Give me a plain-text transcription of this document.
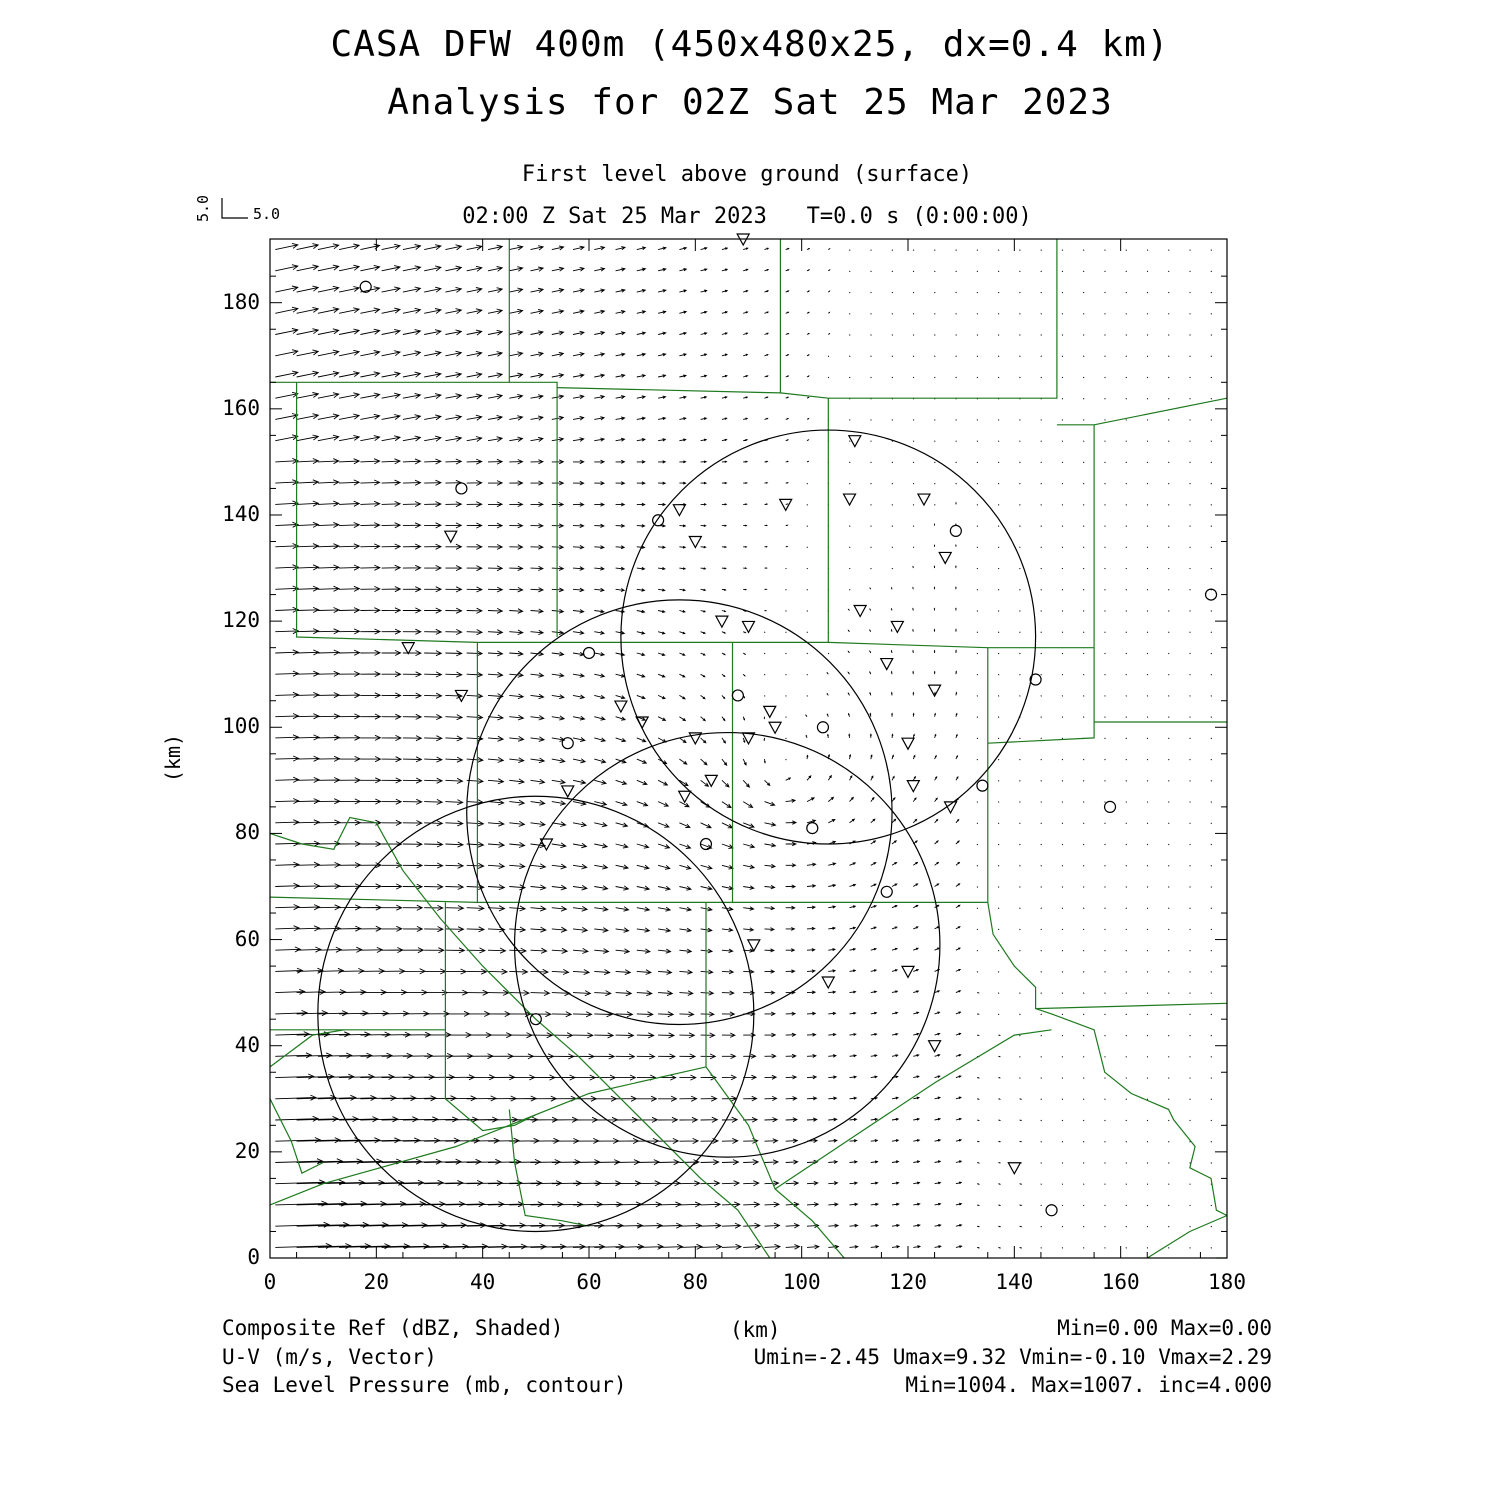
CASA DFW 400m (450x480x25, dx=0.4 km)
Analysis for 02Z Sat 25 Mar 2023
First level above ground (surface)
02:00 Z Sat 25 Mar 2023   T=0.0 s (0:00:00)
5.0	5.0
(km)
0	20	40	60	80	100	120	140	160	180
0
20
40
60
80
100
120
140
160
180
Composite Ref (dBZ, Shaded)	(km)	Min=0.00 Max=0.00
U-V (m/s, Vector)	Umin=-2.45 Umax=9.32 Vmin=-0.10 Vmax=2.29
Sea Level Pressure (mb, contour)	Min=1004. Max=1007. inc=4.000
